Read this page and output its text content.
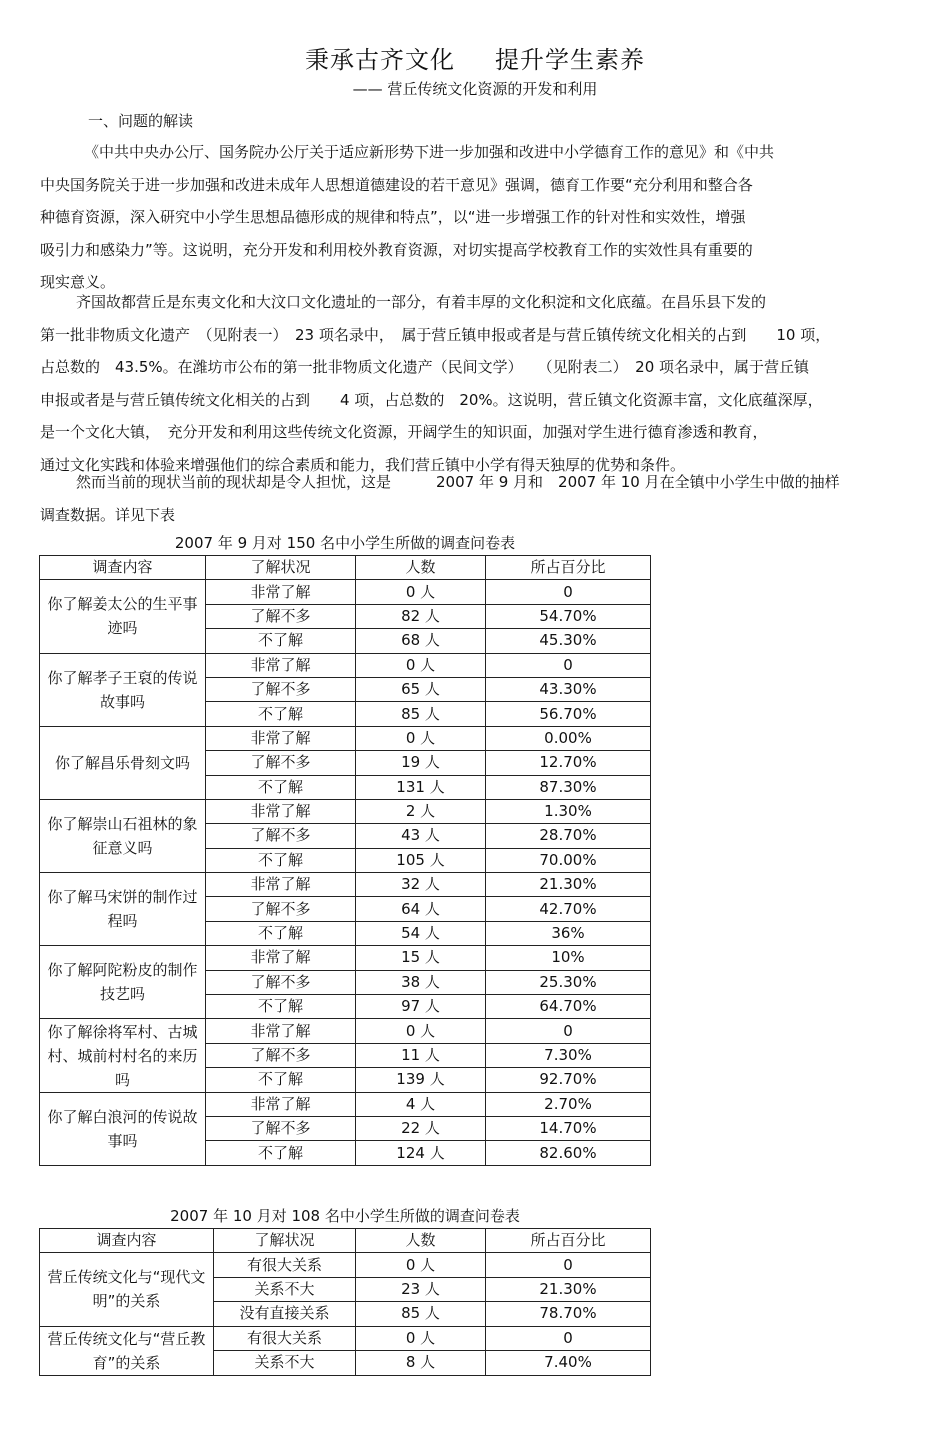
秉承古齐文化 提升学生素养
—— 营丘传统文化资源的开发和利用
一、问题的解读

《中共中央办公厅、国务院办公厅关于适应新形势下进一步加强和改进中小学德育工作的意见》和《中共
中央国务院关于进一步加强和改进未成年人思想道德建设的若干意见》强调，德育工作要“充分利用和整合各
种德育资源，深入研究中小学生思想品德形成的规律和特点”，以“进一步增强工作的针对性和实效性，增强
吸引力和感染力”等。这说明，充分开发和利用校外教育资源，对切实提高学校教育工作的实效性具有重要的
现实意义。

齐国故都营丘是东夷文化和大汶口文化遗址的一部分，有着丰厚的文化积淀和文化底蕴。在昌乐县下发的
第一批非物质文化遗产　（见附表一）　23 项名录中，　属于营丘镇申报或者是与营丘镇传统文化相关的占到　　10 项，
占总数的　43.5%。在潍坊市公布的第一批非物质文化遗产（民间文学）　　（见附表二）　20 项名录中，属于营丘镇
申报或者是与营丘镇传统文化相关的占到　　4 项，占总数的　20%。这说明，营丘镇文化资源丰富，文化底蕴深厚，
是一个文化大镇，　充分开发和利用这些传统文化资源，开阔学生的知识面，加强对学生进行德育渗透和教育，
通过文化实践和体验来增强他们的综合素质和能力，我们营丘镇中小学有得天独厚的优势和条件。

然而当前的现状当前的现状却是令人担忧，这是　　　2007 年 9 月和　2007 年 10 月在全镇中小学生中做的抽样
调查数据。详见下表

2007 年 9 月对 150 名中小学生所做的调查问卷表
调查内容	了解状况	人数	所占百分比
你了解姜太公的生平事迹吗	非常了解	0 人	0
	了解不多	82 人	54.70%
	不了解	68 人	45.30%
你了解孝子王裒的传说故事吗	非常了解	0 人	0
	了解不多	65 人	43.30%
	不了解	85 人	56.70%
你了解昌乐骨刻文吗	非常了解	0 人	0.00%
	了解不多	19 人	12.70%
	不了解	131 人	87.30%
你了解崇山石祖林的象征意义吗	非常了解	2 人	1.30%
	了解不多	43 人	28.70%
	不了解	105 人	70.00%
你了解马宋饼的制作过程吗	非常了解	32 人	21.30%
	了解不多	64 人	42.70%
	不了解	54 人	36%
你了解阿陀粉皮的制作技艺吗	非常了解	15 人	10%
	了解不多	38 人	25.30%
	不了解	97 人	64.70%
你了解徐将军村、古城村、城前村村名的来历吗	非常了解	0 人	0
	了解不多	11 人	7.30%
	不了解	139 人	92.70%
你了解白浪河的传说故事吗	非常了解	4 人	2.70%
	了解不多	22 人	14.70%
	不了解	124 人	82.60%
2007 年 10 月对 108 名中小学生所做的调查问卷表
调查内容	了解状况	人数	所占百分比
营丘传统文化与“现代文明”的关系	有很大关系	0 人	0
	关系不大	23 人	21.30%
	没有直接关系	85 人	78.70%
营丘传统文化与“营丘教育”的关系	有很大关系	0 人	0
	关系不大	8 人	7.40%
